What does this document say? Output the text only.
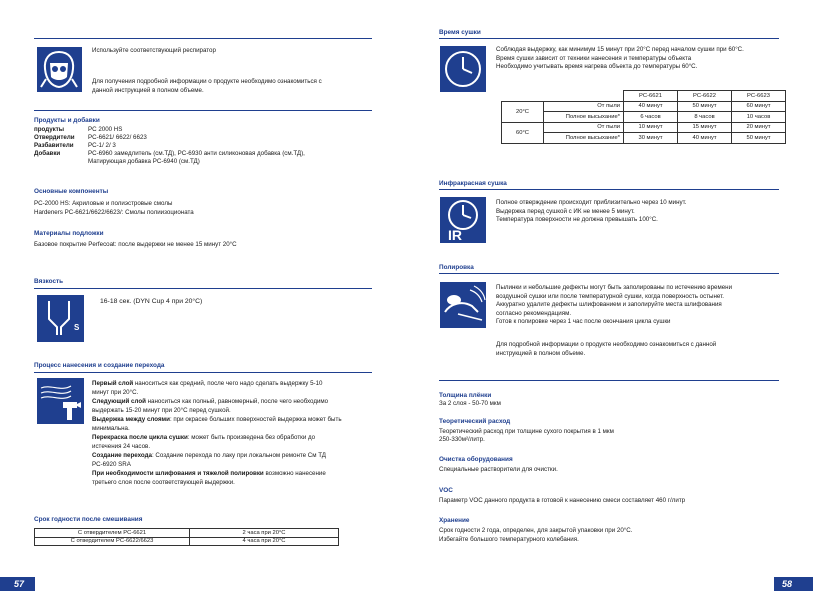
Используйте соответствующий респиратор
Для получения подробной информации о продукте необходимо ознакомиться с
данной инструкцией в полном объеме.
Продукты и добавки
продукты	PC 2000 HS
Отвердители PC-6621/ 6622/ 6623
Разбавители PC-1/ 2/ 3
Добавки	PC-6960 замедлитель (см.ТД), PC-6930 анти силиконовая добавка (см.ТД),
Матирующая добавка PC-6940 (см.ТД)
Основные компоненты
PC-2000 HS: Акриловые и полиэстровые смолы
Hardeners PC-6621/6622/6623/: Смолы полиизоционата
Материалы подложки
Базовое покрытие Perfecoat: после выдержки не менее 15 минут 20°С
Вязкость
S
16-18 сек. (DYN Cup 4 при 20°C)
Процесс нанесения и создание перехода
Первый слой наноситься как средний, после чего надо сделать выдержку 5-10
минут при 20°С.
Следующий слой наноситься как полный, равномерный, после чего необходимо
выдержать 15-20 минут при 20°С перед сушкой.
Выдержка между слоями: при окраске больших поверхностей выдержка может быть
минимальна.
Перекраска после цикла сушки: может быть произведена без обработки до
истечения 24 часов.
Создание перехода: Создание перехода по лаку при локальном ремонте См ТД
PC-6920 SRA
При необходимости шлифования и тяжелой полировки возможно нанесение
третьего слоя после соответствующей выдержки.
Срок годности после смешивания
С отвердителем PC-6621	2 часа при 20°С
С отвердителем PC-6622/6623	4 часа при 20°С
57
Время сушки
Соблюдая выдержку, как минимум 15 минут при 20°С перед началом сушки при 60°С.
Время сушки зависит от техники нанесения и температуры объекта
Необходимо учитывать время нагрева объекта до температуры 60°С.
		PC-6621	PC-6622	PC-6623
20°С	От пыли	40 минут	50 минут	60 минут
	Полное высыхание*	6 часов	8 часов	10 часов
60°С	От пыли	10 минут	15 минут	20 минут
	Полное высыхание*	30 минут	40 минут	50 минут
Инфракрасная сушка
IR
Полное отверждение происходит приблизительно через 10 минут.
Выдержка перед сушкой с ИК не менее 5 минут.
Температура поверхности не должна превышать 100°С.
Полировка
Пылинки и небольшие дефекты могут быть заполированы по истечению времени
воздушной сушки или после температурной сушки, когда поверхность остынет.
Аккуратно удалите дефекты шлифованием и заполируйте места шлифования
согласно рекомендациям.
Готов к полировке через 1 час после окончания цикла сушки
Для подробной информации о продукте необходимо ознакомиться с данной
инструкцией в полном объеме.
Толщина плёнки
За 2 слоя - 50-70 мкм
Теоретический расход
Теоретический расход при толщине сухого покрытия в 1 мкм
250-330м²/литр.
Очистка оборудования
Специальные растворители для очистки.
VOC
Параметр VOC данного продукта в готовой к нанесению смеси составляет 460 г/литр
Хранение
Срок годности 2 года, определен, для закрытой упаковки при 20°С.
Избегайте большого температурного колебания.
58
